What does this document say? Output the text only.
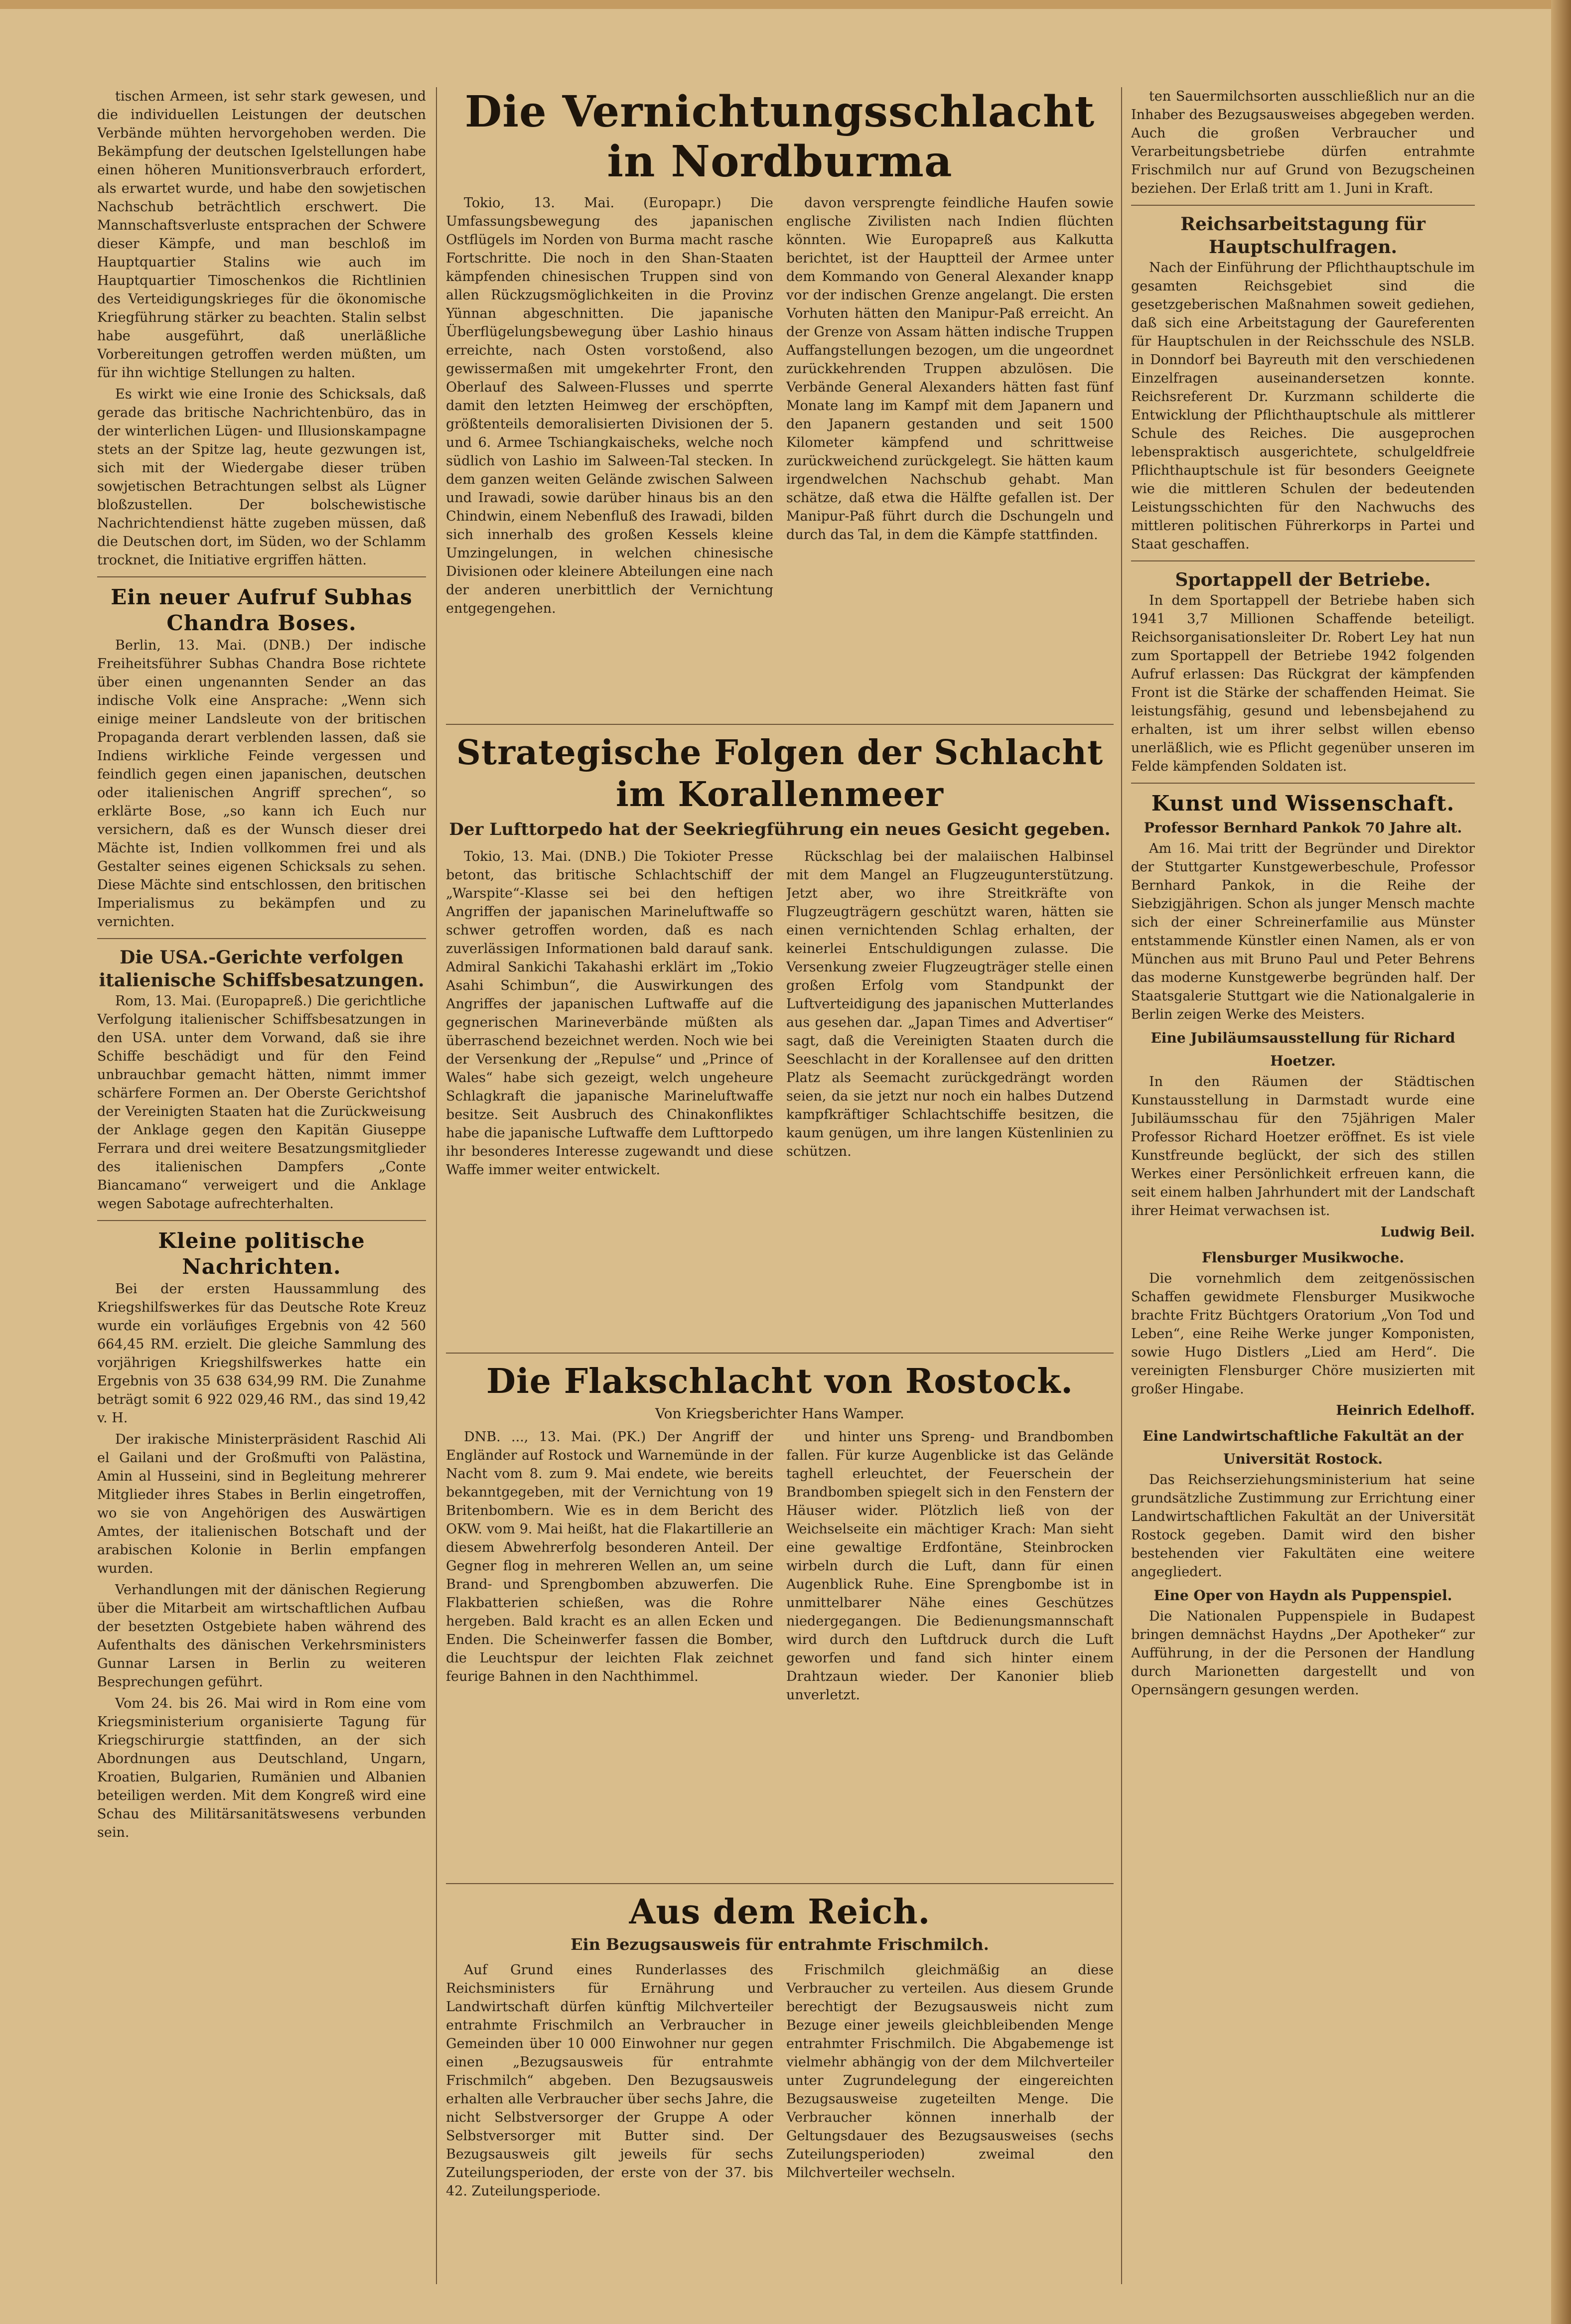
tischen Armeen, ist sehr stark gewesen, und die individuellen Leistungen der deutschen Verbände mühten hervorgehoben werden. Die Bekämpfung der deutschen Igelstellungen habe einen höheren Munitionsverbrauch erfordert, als erwartet wurde, und habe den sowjetischen Nachschub beträchtlich erschwert. Die Mannschaftsverluste entsprachen der Schwere dieser Kämpfe, und man beschloß im Hauptquartier Stalins wie auch im Hauptquartier Timoschenkos die Richtlinien des Verteidigungskrieges für die ökonomische Kriegführung stärker zu beachten. Stalin selbst habe ausgeführt, daß unerläßliche Vorbereitungen getroffen werden müßten, um für ihn wichtige Stellungen zu halten.

Es wirkt wie eine Ironie des Schicksals, daß gerade das britische Nachrichtenbüro, das in der winterlichen Lügen- und Illusionskampagne stets an der Spitze lag, heute gezwungen ist, sich mit der Wiedergabe dieser trüben sowjetischen Betrachtungen selbst als Lügner bloßzustellen. Der bolschewistische Nachrichtendienst hätte zugeben müssen, daß die Deutschen dort, im Süden, wo der Schlamm trocknet, die Initiative ergriffen hätten.

Ein neuer Aufruf Subhas Chandra Boses.

Berlin, 13. Mai. (DNB.) Der indische Freiheitsführer Subhas Chandra Bose richtete über einen ungenannten Sender an das indische Volk eine Ansprache: „Wenn sich einige meiner Landsleute von der britischen Propaganda derart verblenden lassen, daß sie Indiens wirkliche Feinde vergessen und feindlich gegen einen japanischen, deutschen oder italienischen Angriff sprechen“, so erklärte Bose, „so kann ich Euch nur versichern, daß es der Wunsch dieser drei Mächte ist, Indien vollkommen frei und als Gestalter seines eigenen Schicksals zu sehen. Diese Mächte sind entschlossen, den britischen Imperialismus zu bekämpfen und zu vernichten.

Die USA.-Gerichte verfolgen italienische Schiffsbesatzungen.

Rom, 13. Mai. (Europapreß.) Die gerichtliche Verfolgung italienischer Schiffsbesatzungen in den USA. unter dem Vorwand, daß sie ihre Schiffe beschädigt und für den Feind unbrauchbar gemacht hätten, nimmt immer schärfere Formen an. Der Oberste Gerichtshof der Vereinigten Staaten hat die Zurückweisung der Anklage gegen den Kapitän Giuseppe Ferrara und drei weitere Besatzungsmitglieder des italienischen Dampfers „Conte Biancamano“ verweigert und die Anklage wegen Sabotage aufrechterhalten.

Kleine politische Nachrichten.

Bei der ersten Haussammlung des Kriegshilfswerkes für das Deutsche Rote Kreuz wurde ein vorläufiges Ergebnis von 42 560 664,45 RM. erzielt. Die gleiche Sammlung des vorjährigen Kriegshilfswerkes hatte ein Ergebnis von 35 638 634,99 RM. Die Zunahme beträgt somit 6 922 029,46 RM., das sind 19,42 v. H.

Der irakische Ministerpräsident Raschid Ali el Gailani und der Großmufti von Palästina, Amin al Husseini, sind in Begleitung mehrerer Mitglieder ihres Stabes in Berlin eingetroffen, wo sie von Angehörigen des Auswärtigen Amtes, der italienischen Botschaft und der arabischen Kolonie in Berlin empfangen wurden.

Verhandlungen mit der dänischen Regierung über die Mitarbeit am wirtschaftlichen Aufbau der besetzten Ostgebiete haben während des Aufenthalts des dänischen Verkehrsministers Gunnar Larsen in Berlin zu weiteren Besprechungen geführt.

Vom 24. bis 26. Mai wird in Rom eine vom Kriegsministerium organisierte Tagung für Kriegschirurgie stattfinden, an der sich Abordnungen aus Deutschland, Ungarn, Kroatien, Bulgarien, Rumänien und Albanien beteiligen werden. Mit dem Kongreß wird eine Schau des Militärsanitätswesens verbunden sein.

Die Vernichtungsschlacht in Nordburma

Tokio, 13. Mai. (Europapr.) Die Umfassungsbewegung des japanischen Ostflügels im Norden von Burma macht rasche Fortschritte. Die noch in den Shan-Staaten kämpfenden chinesischen Truppen sind von allen Rückzugsmöglichkeiten in die Provinz Yünnan abgeschnitten. Die japanische Überflügelungsbewegung über Lashio hinaus erreichte, nach Osten vorstoßend, also gewissermaßen mit umgekehrter Front, den Oberlauf des Salween-Flusses und sperrte damit den letzten Heimweg der erschöpften, größtenteils demoralisierten Divisionen der 5. und 6. Armee Tschiangkaischeks, welche noch südlich von Lashio im Salween-Tal stecken. In dem ganzen weiten Gelände zwischen Salween und Irawadi, sowie darüber hinaus bis an den Chindwin, einem Nebenfluß des Irawadi, bilden sich innerhalb des großen Kessels kleine Umzingelungen, in welchen chinesische Divisionen oder kleinere Abteilungen eine nach der anderen unerbittlich der Vernichtung entgegengehen.

davon versprengte feindliche Haufen sowie englische Zivilisten nach Indien flüchten könnten. Wie Europapreß aus Kalkutta berichtet, ist der Hauptteil der Armee unter dem Kommando von General Alexander knapp vor der indischen Grenze angelangt. Die ersten Vorhuten hätten den Manipur-Paß erreicht. An der Grenze von Assam hätten indische Truppen Auffangstellungen bezogen, um die ungeordnet zurückkehrenden Truppen abzulösen. Die Verbände General Alexanders hätten fast fünf Monate lang im Kampf mit dem Japanern und den Japanern gestanden und seit 1500 Kilometer kämpfend und schrittweise zurückweichend zurückgelegt. Sie hätten kaum irgendwelchen Nachschub gehabt. Man schätze, daß etwa die Hälfte gefallen ist. Der Manipur-Paß führt durch die Dschungeln und durch das Tal, in dem die Kämpfe stattfinden.

Strategische Folgen der Schlacht im Korallenmeer
Der Lufttorpedo hat der Seekriegführung ein neues Gesicht gegeben.

Tokio, 13. Mai. (DNB.) Die Tokioter Presse betont, das britische Schlachtschiff der „Warspite“-Klasse sei bei den heftigen Angriffen der japanischen Marineluftwaffe so schwer getroffen worden, daß es nach zuverlässigen Informationen bald darauf sank. Admiral Sankichi Takahashi erklärt im „Tokio Asahi Schimbun“, die Auswirkungen des Angriffes der japanischen Luftwaffe auf die gegnerischen Marineverbände müßten als überraschend bezeichnet werden. Noch wie bei der Versenkung der „Repulse“ und „Prince of Wales“ habe sich gezeigt, welch ungeheure Schlagkraft die japanische Marineluftwaffe besitze. Seit Ausbruch des Chinakonfliktes habe die japanische Luftwaffe dem Lufttorpedo ihr besonderes Interesse zugewandt und diese Waffe immer weiter entwickelt.

Rückschlag bei der malaiischen Halbinsel mit dem Mangel an Flugzeugunterstützung. Jetzt aber, wo ihre Streitkräfte von Flugzeugträgern geschützt waren, hätten sie einen vernichtenden Schlag erhalten, der keinerlei Entschuldigungen zulasse. Die Versenkung zweier Flugzeugträger stelle einen großen Erfolg vom Standpunkt der Luftverteidigung des japanischen Mutterlandes aus gesehen dar. „Japan Times and Advertiser“ sagt, daß die Vereinigten Staaten durch die Seeschlacht in der Korallensee auf den dritten Platz als Seemacht zurückgedrängt worden seien, da sie jetzt nur noch ein halbes Dutzend kampfkräftiger Schlachtschiffe besitzen, die kaum genügen, um ihre langen Küstenlinien zu schützen.

Die Flakschlacht von Rostock.
Von Kriegsberichter Hans Wamper.

DNB. ..., 13. Mai. (PK.) Der Angriff der Engländer auf Rostock und Warnemünde in der Nacht vom 8. zum 9. Mai endete, wie bereits bekanntgegeben, mit der Vernichtung von 19 Britenbombern. Wie es in dem Bericht des OKW. vom 9. Mai heißt, hat die Flakartillerie an diesem Abwehrerfolg besonderen Anteil. Der Gegner flog in mehreren Wellen an, um seine Brand- und Sprengbomben abzuwerfen. Die Flakbatterien schießen, was die Rohre hergeben. Bald kracht es an allen Ecken und Enden. Die Scheinwerfer fassen die Bomber, die Leuchtspur der leichten Flak zeichnet feurige Bahnen in den Nachthimmel.

und hinter uns Spreng- und Brandbomben fallen. Für kurze Augenblicke ist das Gelände taghell erleuchtet, der Feuerschein der Brandbomben spiegelt sich in den Fenstern der Häuser wider. Plötzlich ließ von der Weichselseite ein mächtiger Krach: Man sieht eine gewaltige Erdfontäne, Steinbrocken wirbeln durch die Luft, dann für einen Augenblick Ruhe. Eine Sprengbombe ist in unmittelbarer Nähe eines Geschützes niedergegangen. Die Bedienungsmannschaft wird durch den Luftdruck durch die Luft geworfen und fand sich hinter einem Drahtzaun wieder. Der Kanonier blieb unverletzt.

Aus dem Reich.
Ein Bezugsausweis für entrahmte Frischmilch.

Auf Grund eines Runderlasses des Reichsministers für Ernährung und Landwirtschaft dürfen künftig Milchverteiler entrahmte Frischmilch an Verbraucher in Gemeinden über 10 000 Einwohner nur gegen einen „Bezugsausweis für entrahmte Frischmilch“ abgeben. Den Bezugsausweis erhalten alle Verbraucher über sechs Jahre, die nicht Selbstversorger der Gruppe A oder Selbstversorger mit Butter sind. Der Bezugsausweis gilt jeweils für sechs Zuteilungsperioden, der erste von der 37. bis 42. Zuteilungsperiode.

Frischmilch gleichmäßig an diese Verbraucher zu verteilen. Aus diesem Grunde berechtigt der Bezugsausweis nicht zum Bezuge einer jeweils gleichbleibenden Menge entrahmter Frischmilch. Die Abgabemenge ist vielmehr abhängig von der dem Milchverteiler unter Zugrundelegung der eingereichten Bezugsausweise zugeteilten Menge. Die Verbraucher können innerhalb der Geltungsdauer des Bezugsausweises (sechs Zuteilungsperioden) zweimal den Milchverteiler wechseln.

ten Sauermilchsorten ausschließlich nur an die Inhaber des Bezugsausweises abgegeben werden. Auch die großen Verbraucher und Verarbeitungsbetriebe dürfen entrahmte Frischmilch nur auf Grund von Bezugscheinen beziehen. Der Erlaß tritt am 1. Juni in Kraft.

Reichsarbeitstagung für Hauptschulfragen.

Nach der Einführung der Pflichthauptschule im gesamten Reichsgebiet sind die gesetzgeberischen Maßnahmen soweit gediehen, daß sich eine Arbeitstagung der Gaureferenten für Hauptschulen in der Reichsschule des NSLB. in Donndorf bei Bayreuth mit den verschiedenen Einzelfragen auseinandersetzen konnte. Reichsreferent Dr. Kurzmann schilderte die Entwicklung der Pflichthauptschule als mittlerer Schule des Reiches. Die ausgeprochen lebenspraktisch ausgerichtete, schulgeldfreie Pflichthauptschule ist für besonders Geeignete wie die mittleren Schulen der bedeutenden Leistungsschichten für den Nachwuchs des mittleren politischen Führerkorps in Partei und Staat geschaffen.

Sportappell der Betriebe.

In dem Sportappell der Betriebe haben sich 1941 3,7 Millionen Schaffende beteiligt. Reichsorganisationsleiter Dr. Robert Ley hat nun zum Sportappell der Betriebe 1942 folgenden Aufruf erlassen: Das Rückgrat der kämpfenden Front ist die Stärke der schaffenden Heimat. Sie leistungsfähig, gesund und lebensbejahend zu erhalten, ist um ihrer selbst willen ebenso unerläßlich, wie es Pflicht gegenüber unseren im Felde kämpfenden Soldaten ist.

Kunst und Wissenschaft.
Professor Bernhard Pankok 70 Jahre alt.

Am 16. Mai tritt der Begründer und Direktor der Stuttgarter Kunstgewerbeschule, Professor Bernhard Pankok, in die Reihe der Siebzigjährigen. Schon als junger Mensch machte sich der einer Schreinerfamilie aus Münster entstammende Künstler einen Namen, als er von München aus mit Bruno Paul und Peter Behrens das moderne Kunstgewerbe begründen half. Der Staatsgalerie Stuttgart wie die Nationalgalerie in Berlin zeigen Werke des Meisters.

Eine Jubiläumsausstellung für Richard Hoetzer.

In den Räumen der Städtischen Kunstausstellung in Darmstadt wurde eine Jubiläumsschau für den 75jährigen Maler Professor Richard Hoetzer eröffnet. Es ist viele Kunstfreunde beglückt, der sich des stillen Werkes einer Persönlichkeit erfreuen kann, die seit einem halben Jahrhundert mit der Landschaft ihrer Heimat verwachsen ist.

Ludwig Beil.
Flensburger Musikwoche.

Die vornehmlich dem zeitgenössischen Schaffen gewidmete Flensburger Musikwoche brachte Fritz Büchtgers Oratorium „Von Tod und Leben“, eine Reihe Werke junger Komponisten, sowie Hugo Distlers „Lied am Herd“. Die vereinigten Flensburger Chöre musizierten mit großer Hingabe.

Heinrich Edelhoff.
Eine Landwirtschaftliche Fakultät an der Universität Rostock.

Das Reichserziehungsministerium hat seine grundsätzliche Zustimmung zur Errichtung einer Landwirtschaftlichen Fakultät an der Universität Rostock gegeben. Damit wird den bisher bestehenden vier Fakultäten eine weitere angegliedert.

Eine Oper von Haydn als Puppenspiel.

Die Nationalen Puppenspiele in Budapest bringen demnächst Haydns „Der Apotheker“ zur Aufführung, in der die Personen der Handlung durch Marionetten dargestellt und von Opernsängern gesungen werden.
